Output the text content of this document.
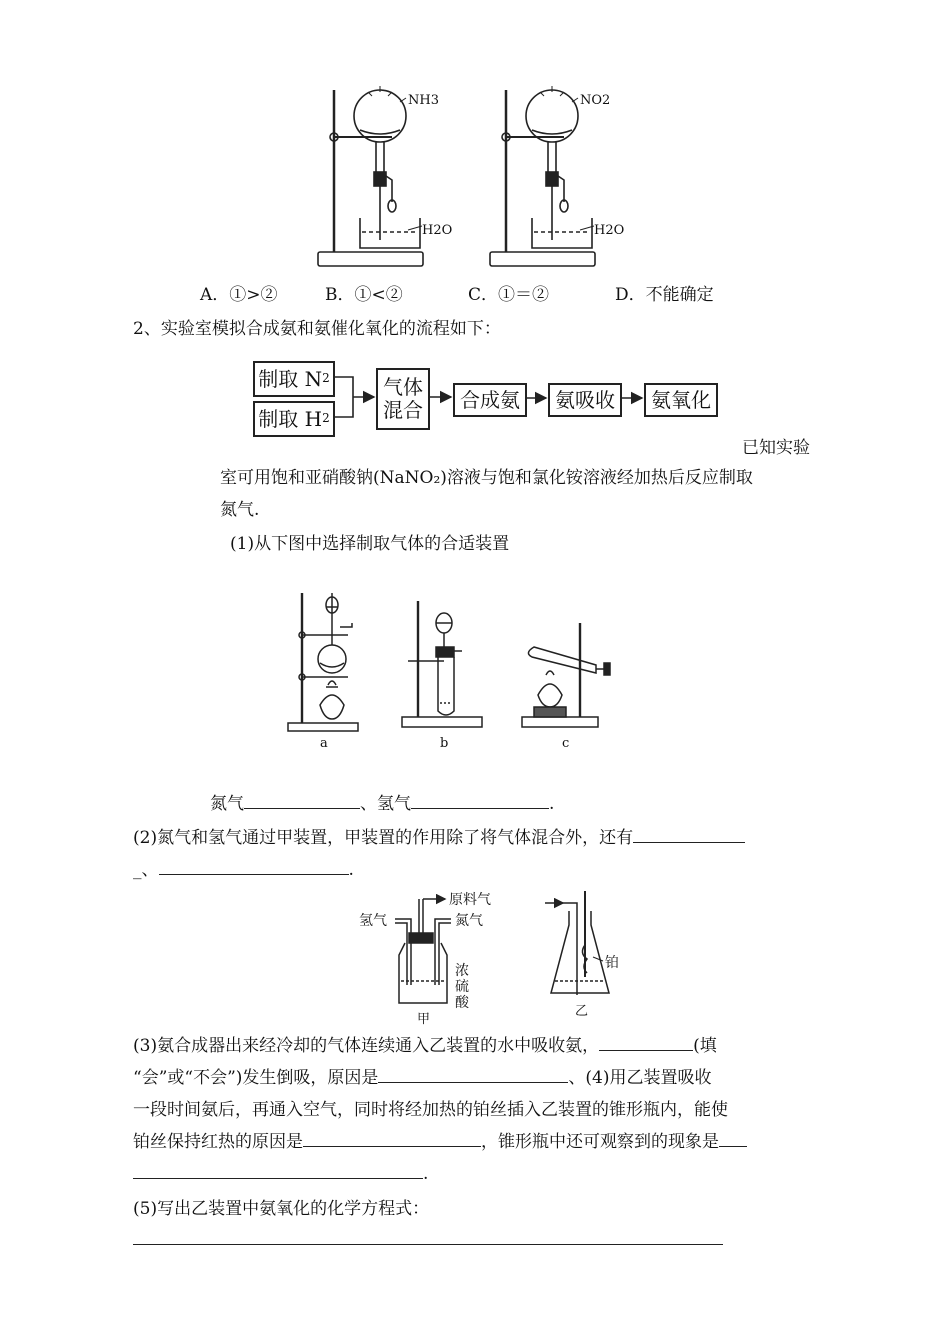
NH3
H2O
NO2
H2O
A．①>②	B．①<②	C．①＝②	D．不能确定
2、实验室模拟合成氨和氨催化氧化的流程如下：
制取 N 2
制取 H 2
气体
混合	合成氨	氨吸收	氨氧化
已知实验
室可用饱和亚硝酸钠(NaNO₂)溶液与饱和氯化铵溶液经加热后反应制取
氮气.
(1)从下图中选择制取气体的合适装置
a	b	c
氮气	、氢气	.
(2)氮气和氢气通过甲装置，甲装置的作用除了将气体混合外，还有
_、	.
原料气
氢气	氮气
浓
硫
酸
甲
铂
乙
(3)氨合成器出来经冷却的气体连续通入乙装置的水中吸收氨，	(填
“会”或“不会”)发生倒吸，原因是	、(4)用乙装置吸收
一段时间氨后，再通入空气，同时将经加热的铂丝插入乙装置的锥形瓶内，能使
铂丝保持红热的原因是	，锥形瓶中还可观察到的现象是
.
(5)写出乙装置中氨氧化的化学方程式：
